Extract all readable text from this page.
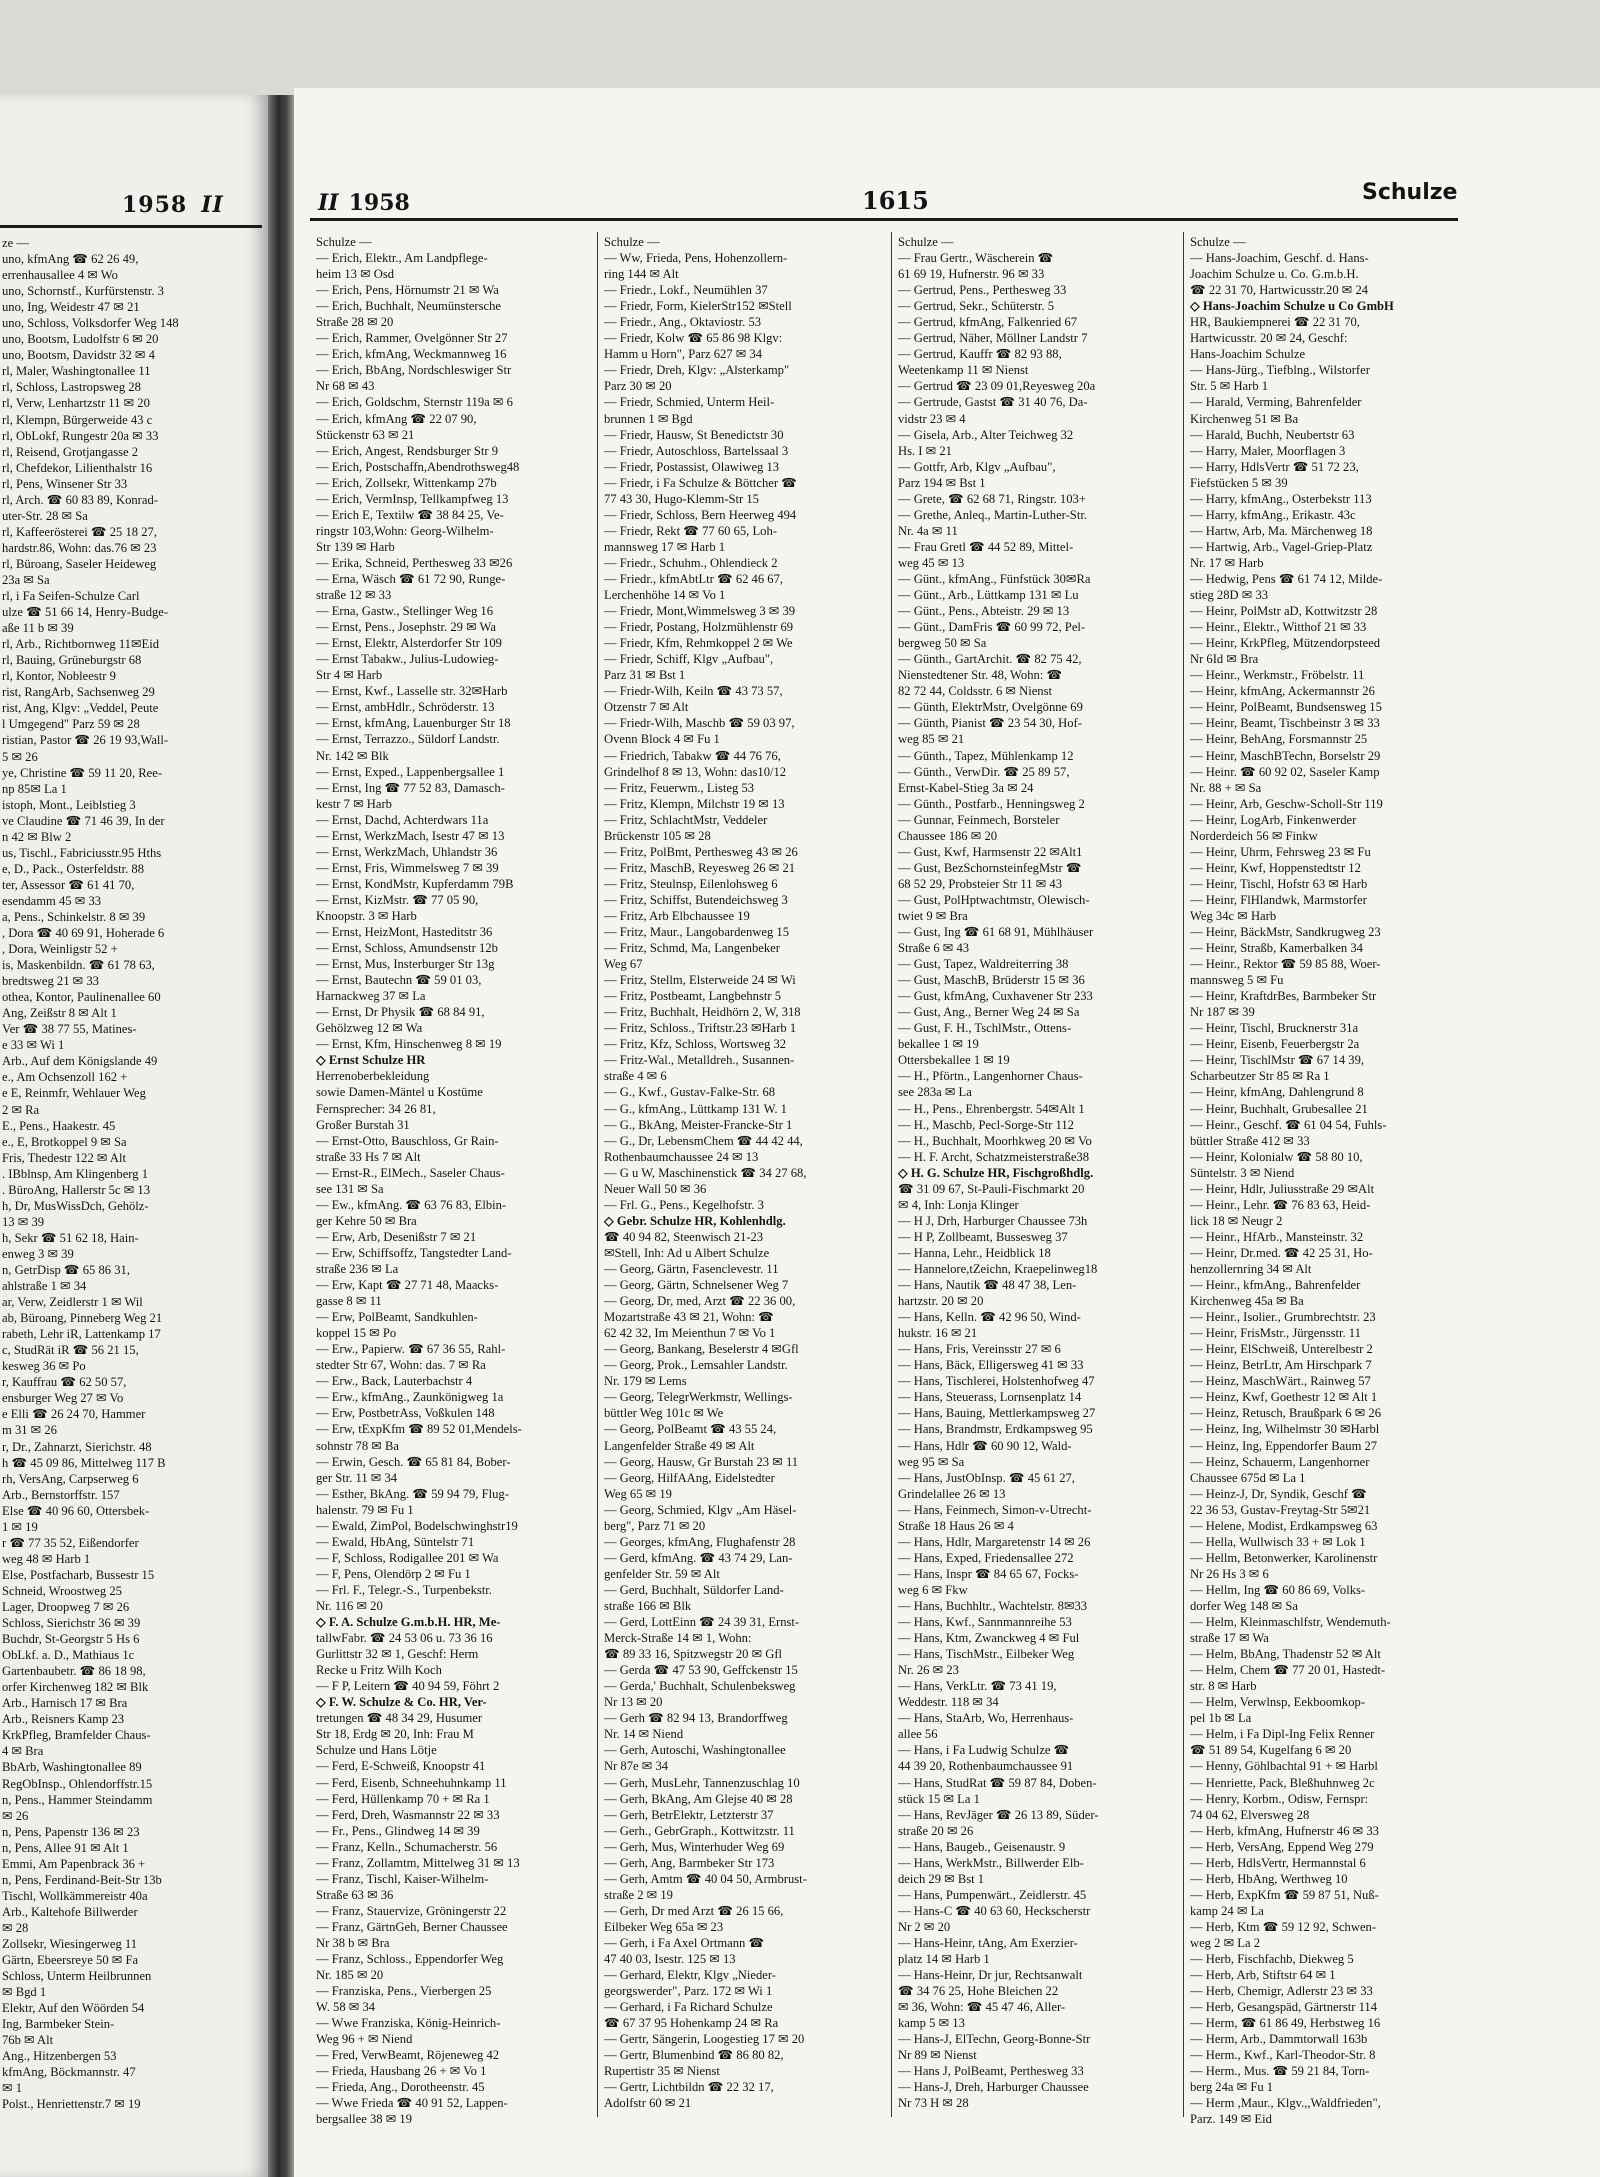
1958 II
ze —
uno, kfmAng ☎ 62 26 49,
errenhausallee 4 ✉ Wo
uno, Schornstf., Kurfürstenstr. 3
uno, Ing, Weidestr 47 ✉ 21
uno, Schloss, Volksdorfer Weg 148
uno, Bootsm, Ludolfstr 6 ✉ 20
uno, Bootsm, Davidstr 32 ✉ 4
rl, Maler, Washingtonallee 11
rl, Schloss, Lastropsweg 28
rl, Verw, Lenhartzstr 11 ✉ 20
rl, Klempn, Bürgerweide 43 c
rl, ObLokf, Rungestr 20a ✉ 33
rl, Reisend, Grotjangasse 2
rl, Chefdekor, Lilienthalstr 16
rl, Pens, Winsener Str 33
rl, Arch. ☎ 60 83 89, Konrad-
uter-Str. 28 ✉ Sa
rl, Kaffeerösterei ☎ 25 18 27,
hardstr.86, Wohn: das.76 ✉ 23
rl, Büroang, Saseler Heideweg
23a ✉ Sa
rl, i Fa Seifen-Schulze Carl
ulze ☎ 51 66 14, Henry-Budge-
aße 11 b ✉ 39
rl, Arb., Richtbornweg 11✉Eid
rl, Bauing, Grüneburgstr 68
rl, Kontor, Nobleestr 9
rist, RangArb, Sachsenweg 29
rist, Ang, Klgv: „Veddel, Peute
l Umgegend" Parz 59 ✉ 28
ristian, Pastor ☎ 26 19 93,Wall-
5 ✉ 26
ye, Christine ☎ 59 11 20, Ree-
np 85✉ La 1
istoph, Mont., Leiblstieg 3
ve Claudine ☎ 71 46 39, In der
n 42 ✉ Blw 2
us, Tischl., Fabriciusstr.95 Hths
e, D., Pack., Osterfeldstr. 88
ter, Assessor ☎ 61 41 70,
esendamm 45 ✉ 33
a, Pens., Schinkelstr. 8 ✉ 39
, Dora ☎ 40 69 91, Hoherade 6
, Dora, Weinligstr 52 +
is, Maskenbildn. ☎ 61 78 63,
bredtsweg 21 ✉ 33
othea, Kontor, Paulinenallee 60
Ang, Zeißstr 8 ✉ Alt 1
Ver ☎ 38 77 55, Matines-
e 33 ✉ Wi 1
Arb., Auf dem Königslande 49
e., Am Ochsenzoll 162 +
e E, Reinmfr, Wehlauer Weg
2 ✉ Ra
E., Pens., Haakestr. 45
e., E, Brotkoppel 9 ✉ Sa
Fris, Thedestr 122 ✉ Alt
. IBblnsp, Am Klingenberg 1
. BüroAng, Hallerstr 5c ✉ 13
h, Dr, MusWissDch, Gehölz-
13 ✉ 39
h, Sekr ☎ 51 62 18, Hain-
enweg 3 ✉ 39
n, GetrDisp ☎ 65 86 31,
ahlstraße 1 ✉ 34
ar, Verw, Zeidlerstr 1 ✉ Wil
ab, Büroang, Pinneberg Weg 21
rabeth, Lehr iR, Lattenkamp 17
c, StudRät iR ☎ 56 21 15,
kesweg 36 ✉ Po
r, Kauffrau ☎ 62 50 57,
ensburger Weg 27 ✉ Vo
e Elli ☎ 26 24 70, Hammer
m 31 ✉ 26
r, Dr., Zahnarzt, Sierichstr. 48
h ☎ 45 09 86, Mittelweg 117 B
rh, VersAng, Carpserweg 6
Arb., Bernstorffstr. 157
Else ☎ 40 96 60, Ottersbek-
1 ✉ 19
r ☎ 77 35 52, Eißendorfer
weg 48 ✉ Harb 1
Else, Postfacharb, Bussestr 15
Schneid, Wroostweg 25
Lager, Droopweg 7 ✉ 26
Schloss, Sierichstr 36 ✉ 39
Buchdr, St-Georgstr 5 Hs 6
ObLkf. a. D., Mathiaus 1c
Gartenbaubetr. ☎ 86 18 98,
orfer Kirchenweg 182 ✉ Blk
Arb., Harnisch 17 ✉ Bra
Arb., Reisners Kamp 23
KrkPfleg, Bramfelder Chaus-
4 ✉ Bra
BbArb, Washingtonallee 89
RegObInsp., Ohlendorffstr.15
n, Pens., Hammer Steindamm
✉ 26
n, Pens, Papenstr 136 ✉ 23
n, Pens, Allee 91 ✉ Alt 1
Emmi, Am Papenbrack 36 +
n, Pens, Ferdinand-Beit-Str 13b
Tischl, Wollkämmereistr 40a
Arb., Kaltehofe Billwerder
✉ 28
Zollsekr, Wiesingerweg 11
Gärtn, Ebeersreye 50 ✉ Fa
Schloss, Unterm Heilbrunnen
✉ Bgd 1
Elektr, Auf den Wöörden 54
Ing, Barmbeker Stein-
76b ✉ Alt
Ang., Hitzenbergen 53
kfmAng, Böckmannstr. 47
✉ 1
Polst., Henriettenstr.7 ✉ 19
II 1958	1615	Schulze
Schulze —
— Erich, Elektr., Am Landpflege-
heim 13 ✉ Osd
— Erich, Pens, Hörnumstr 21 ✉ Wa
— Erich, Buchhalt, Neumünstersche
Straße 28 ✉ 20
— Erich, Rammer, Ovelgönner Str 27
— Erich, kfmAng, Weckmannweg 16
— Erich, BbAng, Nordschleswiger Str
Nr 68 ✉ 43
— Erich, Goldschm, Sternstr 119a ✉ 6
— Erich, kfmAng ☎ 22 07 90,
Stückenstr 63 ✉ 21
— Erich, Angest, Rendsburger Str 9
— Erich, Postschaffn,Abendrothsweg48
— Erich, Zollsekr, Wittenkamp 27b
— Erich, VermInsp, Tellkampfweg 13
— Erich E, Textilw ☎ 38 84 25, Ve-
ringstr 103,Wohn: Georg-Wilhelm-
Str 139 ✉ Harb
— Erika, Schneid, Perthesweg 33 ✉26
— Erna, Wäsch ☎ 61 72 90, Runge-
straße 12 ✉ 33
— Erna, Gastw., Stellinger Weg 16
— Ernst, Pens., Josephstr. 29 ✉ Wa
— Ernst, Elektr, Alsterdorfer Str 109
— Ernst Tabakw., Julius-Ludowieg-
Str 4 ✉ Harb
— Ernst, Kwf., Lasselle str. 32✉Harb
— Ernst, ambHdlr., Schröderstr. 13
— Ernst, kfmAng, Lauenburger Str 18
— Ernst, Terrazzo., Süldorf Landstr.
Nr. 142 ✉ Blk
— Ernst, Exped., Lappenbergsallee 1
— Ernst, Ing ☎ 77 52 83, Damasch-
kestr 7 ✉ Harb
— Ernst, Dachd, Achterdwars 11a
— Ernst, WerkzMach, Isestr 47 ✉ 13
— Ernst, WerkzMach, Uhlandstr 36
— Ernst, Fris, Wimmelsweg 7 ✉ 39
— Ernst, KondMstr, Kupferdamm 79B
— Ernst, KizMstr. ☎ 77 05 90,
Knoopstr. 3 ✉ Harb
— Ernst, HeizMont, Hasteditstr 36
— Ernst, Schloss, Amundsenstr 12b
— Ernst, Mus, Insterburger Str 13g
— Ernst, Bautechn ☎ 59 01 03,
Harnackweg 37 ✉ La
— Ernst, Dr Physik ☎ 68 84 91,
Gehölzweg 12 ✉ Wa
— Ernst, Kfm, Hinschenweg 8 ✉ 19
◇ Ernst Schulze HR
Herrenoberbekleidung
sowie Damen-Mäntel u Kostüme
Fernsprecher: 34 26 81,
Großer Burstah 31
— Ernst-Otto, Bauschloss, Gr Rain-
straße 33 Hs 7 ✉ Alt
— Ernst-R., ElMech., Saseler Chaus-
see 131 ✉ Sa
— Ew., kfmAng. ☎ 63 76 83, Elbin-
ger Kehre 50 ✉ Bra
— Erw, Arb, Desenißstr 7 ✉ 21
— Erw, Schiffsoffz, Tangstedter Land-
straße 236 ✉ La
— Erw, Kapt ☎ 27 71 48, Maacks-
gasse 8 ✉ 11
— Erw, PolBeamt, Sandkuhlen-
koppel 15 ✉ Po
— Erw., Papierw. ☎ 67 36 55, Rahl-
stedter Str 67, Wohn: das. 7 ✉ Ra
— Erw., Back, Lauterbachstr 4
— Erw., kfmAng., Zaunkönigweg 1a
— Erw, PostbetrAss, Voßkulen 148
— Erw, tExpKfm ☎ 89 52 01,Mendels-
sohnstr 78 ✉ Ba
— Erwin, Gesch. ☎ 65 81 84, Bober-
ger Str. 11 ✉ 34
— Esther, BkAng. ☎ 59 94 79, Flug-
halenstr. 79 ✉ Fu 1
— Ewald, ZimPol, Bodelschwinghstr19
— Ewald, HbAng, Süntelstr 71
— F, Schloss, Rodigallee 201 ✉ Wa
— F, Pens, Olendörp 2 ✉ Fu 1
— Frl. F., Telegr.-S., Turpenbekstr.
Nr. 116 ✉ 20
◇ F. A. Schulze G.m.b.H. HR, Me-
tallwFabr. ☎ 24 53 06 u. 73 36 16
Gurlittstr 32 ✉ 1, Geschf: Herm
Recke u Fritz Wilh Koch
— F P, Leitern ☎ 40 94 59, Föhrt 2
◇ F. W. Schulze & Co. HR, Ver-
tretungen ☎ 48 34 29, Husumer
Str 18, Erdg ✉ 20, Inh: Frau M
Schulze und Hans Lötje
— Ferd, E-Schweiß, Knoopstr 41
— Ferd, Eisenb, Schneehuhnkamp 11
— Ferd, Hüllenkamp 70 + ✉ Ra 1
— Ferd, Dreh, Wasmannstr 22 ✉ 33
— Fr., Pens., Glindweg 14 ✉ 39
— Franz, Kelln., Schumacherstr. 56
— Franz, Zollamtm, Mittelweg 31 ✉ 13
— Franz, Tischl, Kaiser-Wilhelm-
Straße 63 ✉ 36
— Franz, Stauervize, Gröningerstr 22
— Franz, GärtnGeh, Berner Chaussee
Nr 38 b ✉ Bra
— Franz, Schloss., Eppendorfer Weg
Nr. 185 ✉ 20
— Franziska, Pens., Vierbergen 25
W. 58 ✉ 34
— Wwe Franziska, König-Heinrich-
Weg 96 + ✉ Niend
— Fred, VerwBeamt, Röjeneweg 42
— Frieda, Hausbang 26 + ✉ Vo 1
— Frieda, Ang., Dorotheenstr. 45
— Wwe Frieda ☎ 40 91 52, Lappen-
bergsallee 38 ✉ 19
Schulze —
— Ww, Frieda, Pens, Hohenzollern-
ring 144 ✉ Alt
— Friedr., Lokf., Neumühlen 37
— Friedr, Form, KielerStr152 ✉Stell
— Friedr., Ang., Oktaviostr. 53
— Friedr, Kolw ☎ 65 86 98 Klgv:
Hamm u Horn", Parz 627 ✉ 34
— Friedr, Dreh, Klgv: „Alsterkamp"
Parz 30 ✉ 20
— Friedr, Schmied, Unterm Heil-
brunnen 1 ✉ Bgd
— Friedr, Hausw, St Benedictstr 30
— Friedr, Autoschloss, Bartelssaal 3
— Friedr, Postassist, Olawiweg 13
— Friedr, i Fa Schulze & Böttcher ☎
77 43 30, Hugo-Klemm-Str 15
— Friedr, Schloss, Bern Heerweg 494
— Friedr, Rekt ☎ 77 60 65, Loh-
mannsweg 17 ✉ Harb 1
— Friedr., Schuhm., Ohlendieck 2
— Friedr., kfmAbtLtr ☎ 62 46 67,
Lerchenhöhe 14 ✉ Vo 1
— Friedr, Mont,Wimmelsweg 3 ✉ 39
— Friedr, Postang, Holzmühlenstr 69
— Friedr, Kfm, Rehmkoppel 2 ✉ We
— Friedr, Schiff, Klgv „Aufbau",
Parz 31 ✉ Bst 1
— Friedr-Wilh, Keiln ☎ 43 73 57,
Otzenstr 7 ✉ Alt
— Friedr-Wilh, Maschb ☎ 59 03 97,
Ovenn Block 4 ✉ Fu 1
— Friedrich, Tabakw ☎ 44 76 76,
Grindelhof 8 ✉ 13, Wohn: das10/12
— Fritz, Feuerwm., Listeg 53
— Fritz, Klempn, Milchstr 19 ✉ 13
— Fritz, SchlachtMstr, Veddeler
Brückenstr 105 ✉ 28
— Fritz, PolBmt, Perthesweg 43 ✉ 26
— Fritz, MaschB, Reyesweg 26 ✉ 21
— Fritz, Steulnsp, Eilenlohsweg 6
— Fritz, Schiffst, Butendeichsweg 3
— Fritz, Arb Elbchaussee 19
— Fritz, Maur., Langobardenweg 15
— Fritz, Schmd, Ma, Langenbeker
Weg 67
— Fritz, Stellm, Elsterweide 24 ✉ Wi
— Fritz, Postbeamt, Langbehnstr 5
— Fritz, Buchhalt, Heidhörn 2, W, 318
— Fritz, Schloss., Triftstr.23 ✉Harb 1
— Fritz, Kfz, Schloss, Wortsweg 32
— Fritz-Wal., Metalldreh., Susannen-
straße 4 ✉ 6
— G., Kwf., Gustav-Falke-Str. 68
— G., kfmAng., Lüttkamp 131 W. 1
— G., BkAng, Meister-Francke-Str 1
— G., Dr, LebensmChem ☎ 44 42 44,
Rothenbaumchaussee 24 ✉ 13
— G u W, Maschinenstick ☎ 34 27 68,
Neuer Wall 50 ✉ 36
— Frl. G., Pens., Kegelhofstr. 3
◇ Gebr. Schulze HR, Kohlenhdlg.
☎ 40 94 82, Steenwisch 21-23
✉Stell, Inh: Ad u Albert Schulze
— Georg, Gärtn, Fasenclevestr. 11
— Georg, Gärtn, Schnelsener Weg 7
— Georg, Dr, med, Arzt ☎ 22 36 00,
Mozartstraße 43 ✉ 21, Wohn: ☎
62 42 32, Im Meienthun 7 ✉ Vo 1
— Georg, Bankang, Beselerstr 4 ✉Gfl
— Georg, Prok., Lemsahler Landstr.
Nr. 179 ✉ Lems
— Georg, TelegrWerkmstr, Wellings-
büttler Weg 101c ✉ We
— Georg, PolBeamt ☎ 43 55 24,
Langenfelder Straße 49 ✉ Alt
— Georg, Hausw, Gr Burstah 23 ✉ 11
— Georg, HilfAAng, Eidelstedter
Weg 65 ✉ 19
— Georg, Schmied, Klgv „Am Häsel-
berg", Parz 71 ✉ 20
— Georges, kfmAng, Flughafenstr 28
— Gerd, kfmAng. ☎ 43 74 29, Lan-
genfelder Str. 59 ✉ Alt
— Gerd, Buchhalt, Süldorfer Land-
straße 166 ✉ Blk
— Gerd, LottEinn ☎ 24 39 31, Ernst-
Merck-Straße 14 ✉ 1, Wohn:
☎ 89 33 16, Spitzwegstr 20 ✉ Gfl
— Gerda ☎ 47 53 90, Geffckenstr 15
— Gerda,' Buchhalt, Schulenbeksweg
Nr 13 ✉ 20
— Gerh ☎ 82 94 13, Brandorffweg
Nr. 14 ✉ Niend
— Gerh, Autoschi, Washingtonallee
Nr 87e ✉ 34
— Gerh, MusLehr, Tannenzuschlag 10
— Gerh, BkAng, Am Glejse 40 ✉ 28
— Gerh, BetrElektr, Letzterstr 37
— Gerh., GebrGraph., Kottwitzstr. 11
— Gerh, Mus, Winterhuder Weg 69
— Gerh, Ang, Barmbeker Str 173
— Gerh, Amtm ☎ 40 04 50, Armbrust-
straße 2 ✉ 19
— Gerh, Dr med Arzt ☎ 26 15 66,
Eilbeker Weg 65a ✉ 23
— Gerh, i Fa Axel Ortmann ☎
47 40 03, Isestr. 125 ✉ 13
— Gerhard, Elektr, Klgv „Nieder-
georgswerder", Parz. 172 ✉ Wi 1
— Gerhard, i Fa Richard Schulze
☎ 67 37 95 Hohenkamp 24 ✉ Ra
— Gertr, Sängerin, Loogestieg 17 ✉ 20
— Gertr, Blumenbind ☎ 86 80 82,
Rupertistr 35 ✉ Nienst
— Gertr, Lichtbildn ☎ 22 32 17,
Adolfstr 60 ✉ 21
Schulze —
— Frau Gertr., Wäscherein ☎
61 69 19, Hufnerstr. 96 ✉ 33
— Gertrud, Pens., Perthesweg 33
— Gertrud, Sekr., Schüterstr. 5
— Gertrud, kfmAng, Falkenried 67
— Gertrud, Näher, Möllner Landstr 7
— Gertrud, Kauffr ☎ 82 93 88,
Weetenkamp 11 ✉ Nienst
— Gertrud ☎ 23 09 01,Reyesweg 20a
— Gertrude, Gastst ☎ 31 40 76, Da-
vidstr 23 ✉ 4
— Gisela, Arb., Alter Teichweg 32
Hs. I ✉ 21
— Gottfr, Arb, Klgv „Aufbau",
Parz 194 ✉ Bst 1
— Grete, ☎ 62 68 71, Ringstr. 103+
— Grethe, Anleq., Martin-Luther-Str.
Nr. 4a ✉ 11
— Frau Gretl ☎ 44 52 89, Mittel-
weg 45 ✉ 13
— Günt., kfmAng., Fünfstück 30✉Ra
— Günt., Arb., Lüttkamp 131 ✉ Lu
— Günt., Pens., Abteistr. 29 ✉ 13
— Günt., DamFris ☎ 60 99 72, Pel-
bergweg 50 ✉ Sa
— Günth., GartArchit. ☎ 82 75 42,
Nienstedtener Str. 48, Wohn: ☎
82 72 44, Coldsstr. 6 ✉ Nienst
— Günth, ElektrMstr, Ovelgönne 69
— Günth, Pianist ☎ 23 54 30, Hof-
weg 85 ✉ 21
— Günth., Tapez, Mühlenkamp 12
— Günth., VerwDir. ☎ 25 89 57,
Ernst-Kabel-Stieg 3a ✉ 24
— Günth., Postfarb., Henningsweg 2
— Gunnar, Feinmech, Borsteler
Chaussee 186 ✉ 20
— Gust, Kwf, Harmsenstr 22 ✉Alt1
— Gust, BezSchornsteinfegMstr ☎
68 52 29, Probsteier Str 11 ✉ 43
— Gust, PolHptwachtmstr, Olewisch-
twiet 9 ✉ Bra
— Gust, Ing ☎ 61 68 91, Mühlhäuser
Straße 6 ✉ 43
— Gust, Tapez, Waldreiterring 38
— Gust, MaschB, Brüderstr 15 ✉ 36
— Gust, kfmAng, Cuxhavener Str 233
— Gust, Ang., Berner Weg 24 ✉ Sa
— Gust, F. H., TschlMstr., Ottens-
bekallee 1 ✉ 19
Ottersbekallee 1 ✉ 19
— H., Pförtn., Langenhorner Chaus-
see 283a ✉ La
— H., Pens., Ehrenbergstr. 54✉Alt 1
— H., Maschb, Pecl-Sorge-Str 112
— H., Buchhalt, Moorhkweg 20 ✉ Vo
— H. F. Archt, Schatzmeisterstraße38
◇ H. G. Schulze HR, Fischgroßhdlg.
☎ 31 09 67, St-Pauli-Fischmarkt 20
✉ 4, Inh: Lonja Klinger
— H J, Drh, Harburger Chaussee 73h
— H P, Zollbeamt, Bussesweg 37
— Hanna, Lehr., Heidblick 18
— Hannelore,tZeichn, Kraepelinweg18
— Hans, Nautik ☎ 48 47 38, Len-
hartzstr. 20 ✉ 20
— Hans, Kelln. ☎ 42 96 50, Wind-
hukstr. 16 ✉ 21
— Hans, Fris, Vereinsstr 27 ✉ 6
— Hans, Bäck, Elligersweg 41 ✉ 33
— Hans, Tischlerei, Holstenhofweg 47
— Hans, Steuerass, Lornsenplatz 14
— Hans, Bauing, Mettlerkampsweg 27
— Hans, Brandmstr, Erdkampsweg 95
— Hans, Hdlr ☎ 60 90 12, Wald-
weg 95 ✉ Sa
— Hans, JustObInsp. ☎ 45 61 27,
Grindelallee 26 ✉ 13
— Hans, Feinmech, Simon-v-Utrecht-
Straße 18 Haus 26 ✉ 4
— Hans, Hdlr, Margaretenstr 14 ✉ 26
— Hans, Exped, Friedensallee 272
— Hans, Inspr ☎ 84 65 67, Focks-
weg 6 ✉ Fkw
— Hans, Buchhltr., Wachtelstr. 8✉33
— Hans, Kwf., Sannmannreihe 53
— Hans, Ktm, Zwanckweg 4 ✉ Ful
— Hans, TischMstr., Eilbeker Weg
Nr. 26 ✉ 23
— Hans, VerkLtr. ☎ 73 41 19,
Weddestr. 118 ✉ 34
— Hans, StaArb, Wo, Herrenhaus-
allee 56
— Hans, i Fa Ludwig Schulze ☎
44 39 20, Rothenbaumchaussee 91
— Hans, StudRat ☎ 59 87 84, Doben-
stück 15 ✉ La 1
— Hans, RevJäger ☎ 26 13 89, Süder-
straße 20 ✉ 26
— Hans, Baugeb., Geisenaustr. 9
— Hans, WerkMstr., Billwerder Elb-
deich 29 ✉ Bst 1
— Hans, Pumpenwärt., Zeidlerstr. 45
— Hans-C ☎ 40 63 60, Heckscherstr
Nr 2 ✉ 20
— Hans-Heinr, tAng, Am Exerzier-
platz 14 ✉ Harb 1
— Hans-Heinr, Dr jur, Rechtsanwalt
☎ 34 76 25, Hohe Bleichen 22
✉ 36, Wohn: ☎ 45 47 46, Aller-
kamp 5 ✉ 13
— Hans-J, ElTechn, Georg-Bonne-Str
Nr 89 ✉ Nienst
— Hans J, PolBeamt, Perthesweg 33
— Hans-J, Dreh, Harburger Chaussee
Nr 73 H ✉ 28
Schulze —
— Hans-Joachim, Geschf. d. Hans-
Joachim Schulze u. Co. G.m.b.H.
☎ 22 31 70, Hartwicusstr.20 ✉ 24
◇ Hans-Joachim Schulze u Co GmbH
HR, Baukiempnerei ☎ 22 31 70,
Hartwicusstr. 20 ✉ 24, Geschf:
Hans-Joachim Schulze
— Hans-Jürg., Tiefblng., Wilstorfer
Str. 5 ✉ Harb 1
— Harald, Verming, Bahrenfelder
Kirchenweg 51 ✉ Ba
— Harald, Buchh, Neubertstr 63
— Harry, Maler, Moorflagen 3
— Harry, HdlsVertr ☎ 51 72 23,
Fiefstücken 5 ✉ 39
— Harry, kfmAng., Osterbekstr 113
— Harry, kfmAng., Erikastr. 43c
— Hartw, Arb, Ma. Märchenweg 18
— Hartwig, Arb., Vagel-Griep-Platz
Nr. 17 ✉ Harb
— Hedwig, Pens ☎ 61 74 12, Milde-
stieg 28D ✉ 33
— Heinr, PolMstr aD, Kottwitzstr 28
— Heinr., Elektr., Witthof 21 ✉ 33
— Heinr, KrkPfleg, Mützendorpsteed
Nr 6Id ✉ Bra
— Heinr., Werkmstr., Fröbelstr. 11
— Heinr, kfmAng, Ackermannstr 26
— Heinr, PolBeamt, Bundsensweg 15
— Heinr, Beamt, Tischbeinstr 3 ✉ 33
— Heinr, BehAng, Forsmannstr 25
— Heinr, MaschBTechn, Borselstr 29
— Heinr. ☎ 60 92 02, Saseler Kamp
Nr. 88 + ✉ Sa
— Heinr, Arb, Geschw-Scholl-Str 119
— Heinr, LogArb, Finkenwerder
Norderdeich 56 ✉ Finkw
— Heinr, Uhrm, Fehrsweg 23 ✉ Fu
— Heinr, Kwf, Hoppenstedtstr 12
— Heinr, Tischl, Hofstr 63 ✉ Harb
— Heinr, FlHlandwk, Marmstorfer
Weg 34c ✉ Harb
— Heinr, BäckMstr, Sandkrugweg 23
— Heinr, Straßb, Kamerbalken 34
— Heinr., Rektor ☎ 59 85 88, Woer-
mannsweg 5 ✉ Fu
— Heinr, KraftdrBes, Barmbeker Str
Nr 187 ✉ 39
— Heinr, Tischl, Brucknerstr 31a
— Heinr, Eisenb, Feuerbergstr 2a
— Heinr, TischlMstr ☎ 67 14 39,
Scharbeutzer Str 85 ✉ Ra 1
— Heinr, kfmAng, Dahlengrund 8
— Heinr, Buchhalt, Grubesallee 21
— Heinr., Geschf. ☎ 61 04 54, Fuhls-
büttler Straße 412 ✉ 33
— Heinr, Kolonialw ☎ 58 80 10,
Süntelstr. 3 ✉ Niend
— Heinr, Hdlr, Juliusstraße 29 ✉Alt
— Heinr., Lehr. ☎ 76 83 63, Heid-
lick 18 ✉ Neugr 2
— Heinr., HfArb., Mansteinstr. 32
— Heinr, Dr.med. ☎ 42 25 31, Ho-
henzollernring 34 ✉ Alt
— Heinr., kfmAng., Bahrenfelder
Kirchenweg 45a ✉ Ba
— Heinr., Isolier., Grumbrechtstr. 23
— Heinr, FrisMstr., Jürgensstr. 11
— Heinr, ElSchweiß, Unterelbestr 2
— Heinz, BetrLtr, Am Hirschpark 7
— Heinz, MaschWärt., Rainweg 57
— Heinz, Kwf, Goethestr 12 ✉ Alt 1
— Heinz, Retusch, Braußpark 6 ✉ 26
— Heinz, Ing, Wilhelmstr 30 ✉Harbl
— Heinz, Ing, Eppendorfer Baum 27
— Heinz, Schauerm, Langenhorner
Chaussee 675d ✉ La 1
— Heinz-J, Dr, Syndik, Geschf ☎
22 36 53, Gustav-Freytag-Str 5✉21
— Helene, Modist, Erdkampsweg 63
— Hella, Wullwisch 33 + ✉ Lok 1
— Hellm, Betonwerker, Karolinenstr
Nr 26 Hs 3 ✉ 6
— Hellm, Ing ☎ 60 86 69, Volks-
dorfer Weg 148 ✉ Sa
— Helm, Kleinmaschlfstr, Wendemuth-
straße 17 ✉ Wa
— Helm, BbAng, Thadenstr 52 ✉ Alt
— Helm, Chem ☎ 77 20 01, Hastedt-
str. 8 ✉ Harb
— Helm, Verwlnsp, Eekboomkop-
pel 1b ✉ La
— Helm, i Fa Dipl-Ing Felix Renner
☎ 51 89 54, Kugelfang 6 ✉ 20
— Henny, Göhlbachtal 91 + ✉ Harbl
— Henriette, Pack, Bleßhuhnweg 2c
— Henry, Korbm., Odisw, Fernspr:
74 04 62, Elversweg 28
— Herb, kfmAng, Hufnerstr 46 ✉ 33
— Herb, VersAng, Eppend Weg 279
— Herb, HdlsVertr, Hermannstal 6
— Herb, HbAng, Werthweg 10
— Herb, ExpKfm ☎ 59 87 51, Nuß-
kamp 24 ✉ La
— Herb, Ktm ☎ 59 12 92, Schwen-
weg 2 ✉ La 2
— Herb, Fischfachb, Diekweg 5
— Herb, Arb, Stiftstr 64 ✉ 1
— Herb, Chemigr, Adlerstr 23 ✉ 33
— Herb, Gesangspäd, Gärtnerstr 114
— Herm, ☎ 61 86 49, Herbstweg 16
— Herm, Arb., Dammtorwall 163b
— Herm., Kwf., Karl-Theodor-Str. 8
— Herm., Mus. ☎ 59 21 84, Torn-
berg 24a ✉ Fu 1
— Herm ,Maur., Klgv.,,Waldfrieden",
Parz. 149 ✉ Eid
